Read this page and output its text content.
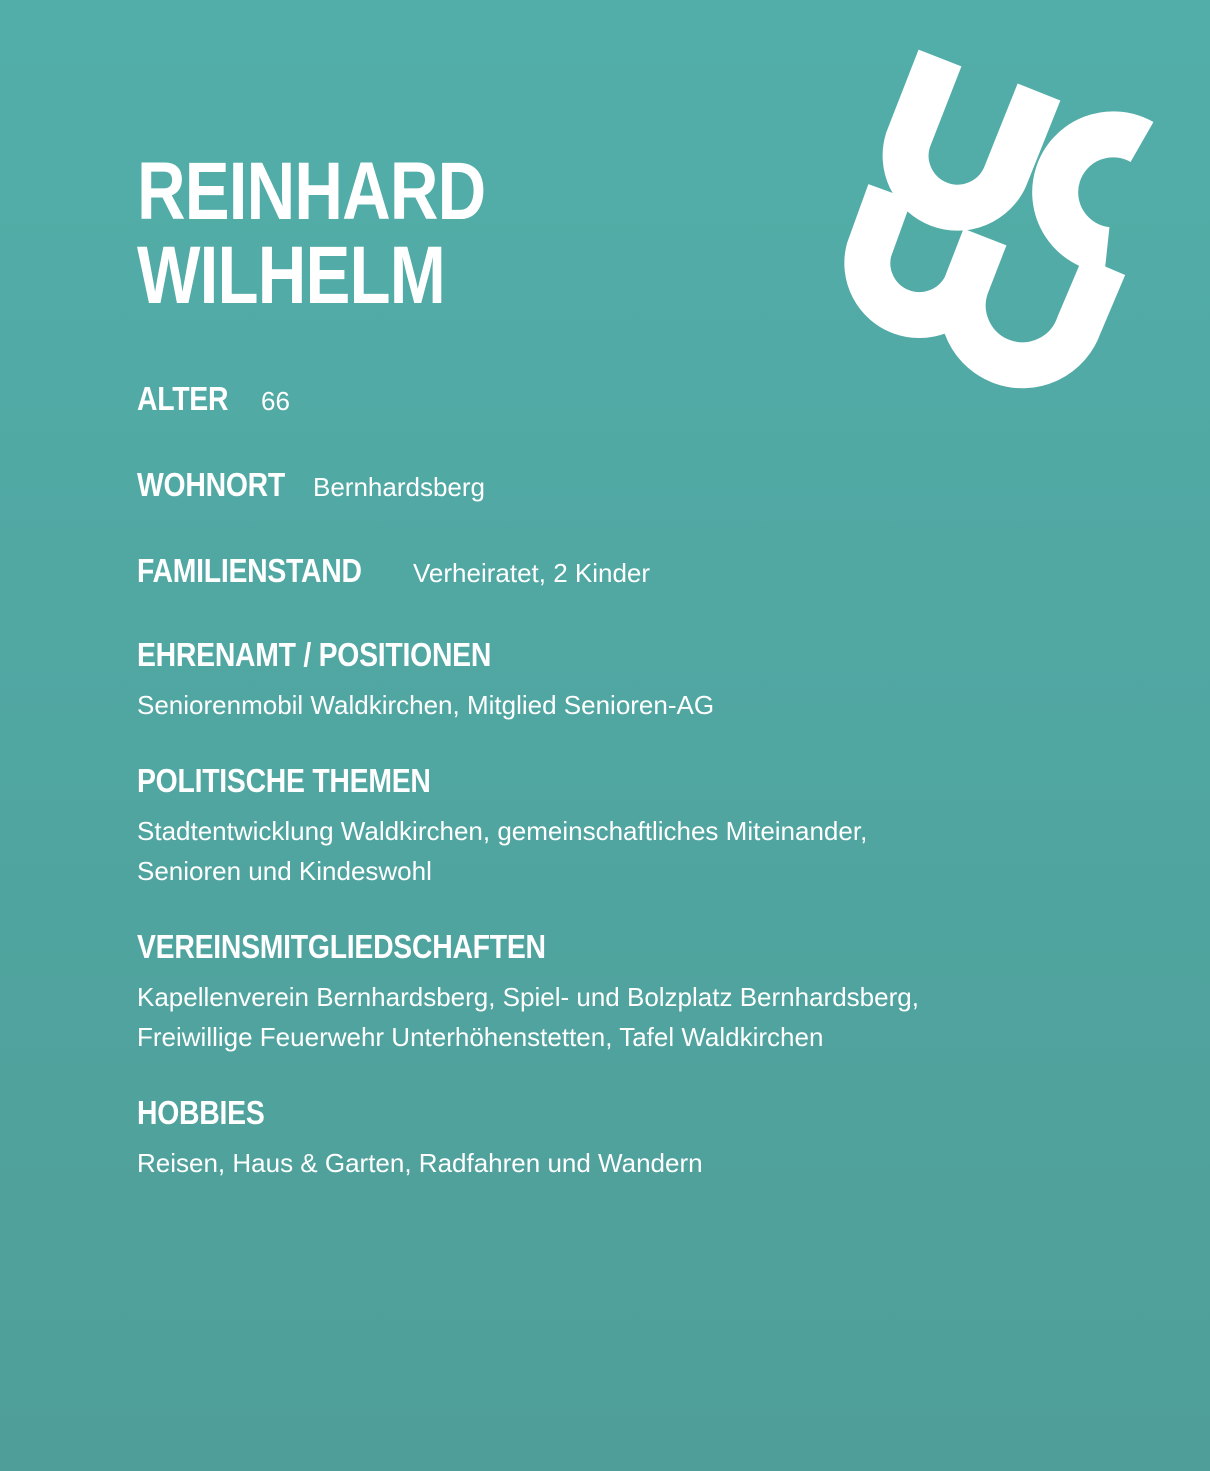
REINHARD
WILHELM
ALTER	66
WOHNORT Bernhardsberg
FAMILIENSTAND	Verheiratet, 2 Kinder
EHRENAMT / POSITIONEN
Seniorenmobil Waldkirchen, Mitglied Senioren-AG
POLITISCHE THEMEN
Stadtentwicklung Waldkirchen, gemeinschaftliches Miteinander,
Senioren und Kindeswohl
VEREINSMITGLIEDSCHAFTEN
Kapellenverein Bernhardsberg, Spiel- und Bolzplatz Bernhardsberg,
Freiwillige Feuerwehr Unterhöhenstetten, Tafel Waldkirchen
HOBBIES
Reisen, Haus & Garten, Radfahren und Wandern
